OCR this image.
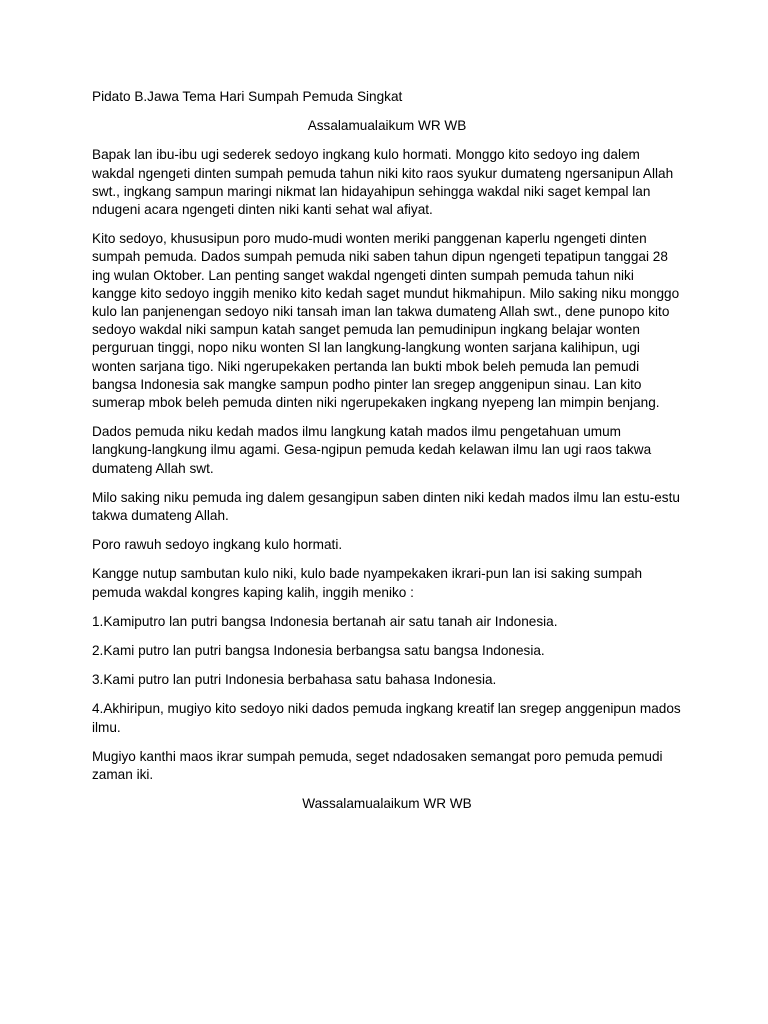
Pidato B.Jawa Tema Hari Sumpah Pemuda Singkat

Assalamualaikum WR WB

Bapak lan ibu-ibu ugi sederek sedoyo ingkang kulo hormati. Monggo kito sedoyo ing dalem wakdal ngengeti dinten sumpah pemuda tahun niki kito raos syukur dumateng ngersanipun Allah swt., ingkang sampun maringi nikmat lan hidayahipun sehingga wakdal niki saget kempal lan ndugeni acara ngengeti dinten niki kanti sehat wal afiyat.

Kito sedoyo, khususipun poro mudo-mudi wonten meriki panggenan kaperlu ngengeti dinten sumpah pemuda. Dados sumpah pemuda niki saben tahun dipun ngengeti tepatipun tanggai 28 ing wulan Oktober. Lan penting sanget wakdal ngengeti dinten sumpah pemuda tahun niki kangge kito sedoyo inggih meniko kito kedah saget mundut hikmahipun. Milo saking niku monggo kulo lan panjenengan sedoyo niki tansah iman lan takwa dumateng Allah swt., dene punopo kito sedoyo wakdal niki sampun katah sanget pemuda lan pemudinipun ingkang belajar wonten perguruan tinggi, nopo niku wonten Sl lan langkung-langkung wonten sarjana kalihipun, ugi wonten sarjana tigo. Niki ngerupekaken pertanda lan bukti mbok beleh pemuda lan pemudi bangsa Indonesia sak mangke sampun podho pinter lan sregep anggenipun sinau. Lan kito sumerap mbok beleh pemuda dinten niki ngerupekaken ingkang nyepeng lan mimpin benjang.

Dados pemuda niku kedah mados ilmu langkung katah mados ilmu pengetahuan umum langkung-langkung ilmu agami. Gesa-ngipun pemuda kedah kelawan ilmu lan ugi raos takwa dumateng Allah swt.

Milo saking niku pemuda ing dalem gesangipun saben dinten niki kedah mados ilmu lan estu-estu takwa dumateng Allah.

Poro rawuh sedoyo ingkang kulo hormati.

Kangge nutup sambutan kulo niki, kulo bade nyampekaken ikrari-pun lan isi saking sumpah pemuda wakdal kongres kaping kalih, inggih meniko :

1.Kamiputro lan putri bangsa Indonesia bertanah air satu tanah air Indonesia.

2.Kami putro lan putri bangsa Indonesia berbangsa satu bangsa Indonesia.

3.Kami putro lan putri Indonesia berbahasa satu bahasa Indonesia.

4.Akhiripun, mugiyo kito sedoyo niki dados pemuda ingkang kreatif lan sregep anggenipun mados ilmu.

Mugiyo kanthi maos ikrar sumpah pemuda, seget ndadosaken semangat poro pemuda pemudi zaman iki.

Wassalamualaikum WR WB
